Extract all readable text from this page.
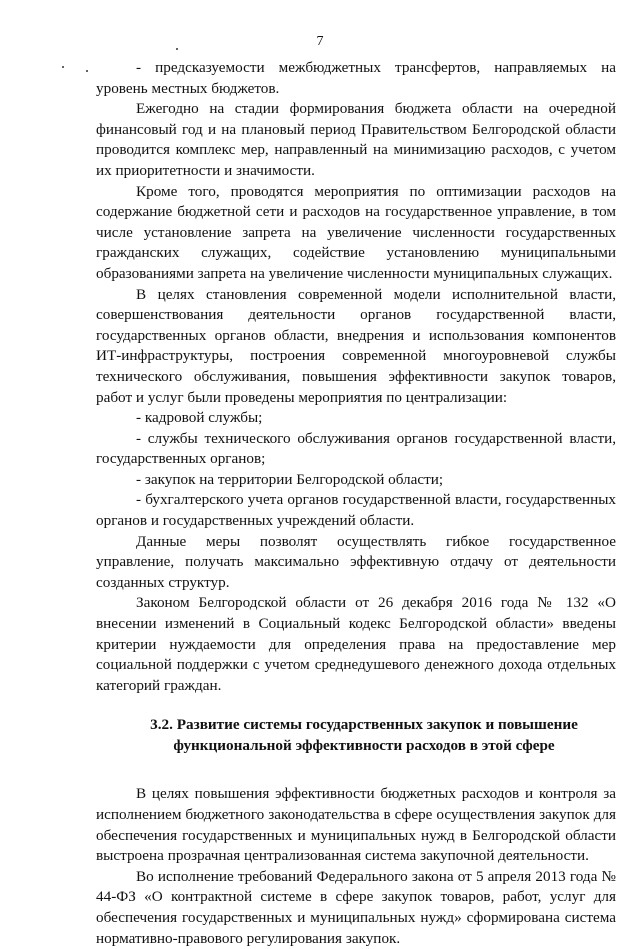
7

- предсказуемости межбюджетных трансфертов, направляемых на уровень местных бюджетов.

Ежегодно на стадии формирования бюджета области на очередной финансовый год и на плановый период Правительством Белгородской области проводится комплекс мер, направленный на минимизацию расходов, с учетом их приоритетности и значимости.

Кроме того, проводятся мероприятия по оптимизации расходов на содержание бюджетной сети и расходов на государственное управление, в том числе установление запрета на увеличение численности государственных гражданских служащих, содействие установлению муниципальными образованиями запрета на увеличение численности муниципальных служащих.

В целях становления современной модели исполнительной власти, совершенствования деятельности органов государственной власти, государственных органов области, внедрения и использования компонентов ИТ-инфраструктуры, построения современной многоуровневой службы технического обслуживания, повышения эффективности закупок товаров, работ и услуг были проведены мероприятия по централизации:

- кадровой службы;

- службы технического обслуживания органов государственной власти, государственных органов;

- закупок на территории Белгородской области;

- бухгалтерского учета органов государственной власти, государственных органов и государственных учреждений области.

Данные меры позволят осуществлять гибкое государственное управление, получать максимально эффективную отдачу от деятельности созданных структур.

Законом Белгородской области от 26 декабря 2016 года № 132 «О внесении изменений в Социальный кодекс Белгородской области» введены критерии нуждаемости для определения права на предоставление мер социальной поддержки с учетом среднедушевого денежного дохода отдельных категорий граждан.

3.2. Развитие системы государственных закупок и повышение
функциональной эффективности расходов в этой сфере

В целях повышения эффективности бюджетных расходов и контроля за исполнением бюджетного законодательства в сфере осуществления закупок для обеспечения государственных и муниципальных нужд в Белгородской области выстроена прозрачная централизованная система закупочной деятельности.

Во исполнение требований Федерального закона от 5 апреля 2013 года № 44-ФЗ «О контрактной системе в сфере закупок товаров, работ, услуг для обеспечения государственных и муниципальных нужд» сформирована система нормативно-правового регулирования закупок.
